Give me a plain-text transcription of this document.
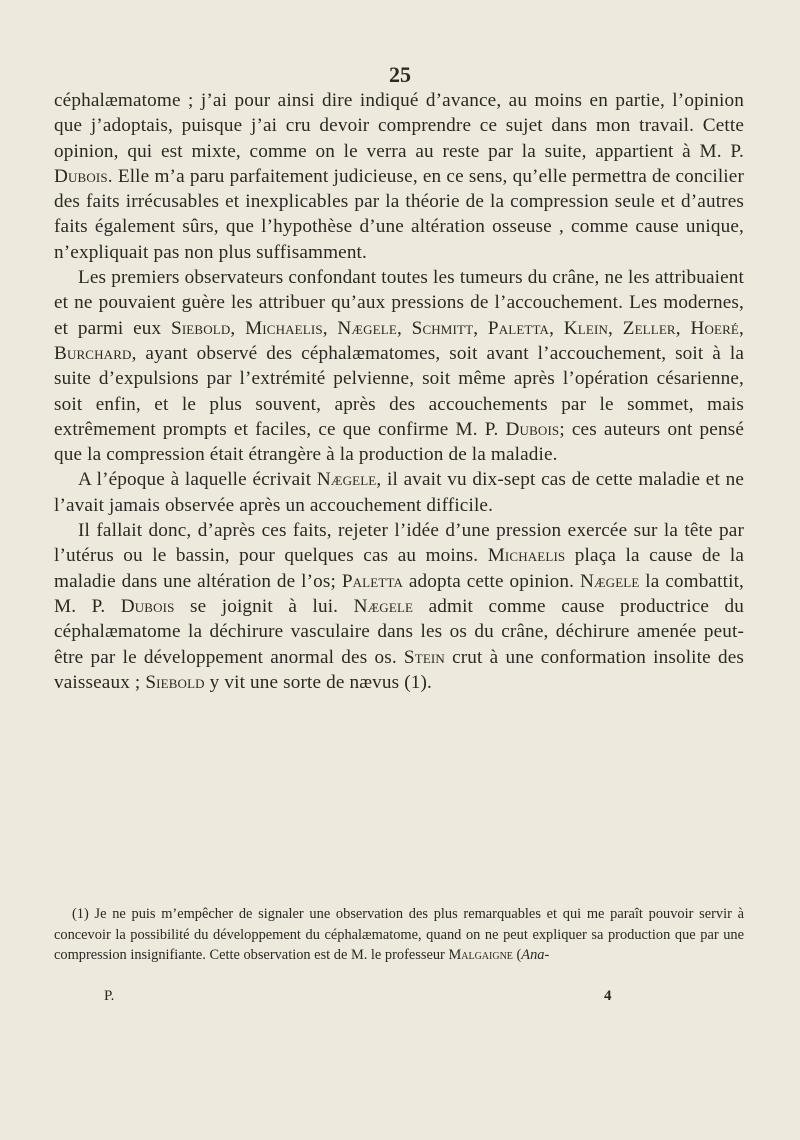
25

céphalæmatome ; j’ai pour ainsi dire indiqué d’avance, au moins en partie, l’opinion que j’adoptais, puisque j’ai cru devoir comprendre ce sujet dans mon travail. Cette opinion, qui est mixte, comme on le verra au reste par la suite, appartient à M. P. Dubois. Elle m’a paru parfaitement judicieuse, en ce sens, qu’elle permettra de concilier des faits irrécusables et inexplicables par la théorie de la compression seule et d’autres faits également sûrs, que l’hypothèse d’une altération osseuse , comme cause unique, n’expliquait pas non plus suffisamment.

Les premiers observateurs confondant toutes les tumeurs du crâne, ne les attribuaient et ne pouvaient guère les attribuer qu’aux pressions de l’accouchement. Les modernes, et parmi eux Siebold, Michaelis, Nægele, Schmitt, Paletta, Klein, Zeller, Hoeré, Burchard, ayant observé des céphalæmatomes, soit avant l’accouchement, soit à la suite d’expulsions par l’extrémité pelvienne, soit même après l’opération césarienne, soit enfin, et le plus souvent, après des accouchements par le sommet, mais extrêmement prompts et faciles, ce que confirme M. P. Dubois; ces auteurs ont pensé que la compression était étrangère à la production de la maladie.

A l’époque à laquelle écrivait Nægele, il avait vu dix-sept cas de cette maladie et ne l’avait jamais observée après un accouchement difficile.

Il fallait donc, d’après ces faits, rejeter l’idée d’une pression exercée sur la tête par l’utérus ou le bassin, pour quelques cas au moins. Michaelis plaça la cause de la maladie dans une altération de l’os; Paletta adopta cette opinion. Nægele la combattit, M. P. Dubois se joignit à lui. Nægele admit comme cause productrice du céphalæmatome la déchirure vasculaire dans les os du crâne, déchirure amenée peut-être par le développement anormal des os. Stein crut à une conformation insolite des vaisseaux ; Siebold y vit une sorte de nævus (1).

(1) Je ne puis m’empêcher de signaler une observation des plus remarquables et qui me paraît pouvoir servir à concevoir la possibilité du développement du céphalæmatome, quand on ne peut expliquer sa production que par une compression insignifiante. Cette observation est de M. le professeur Malgaigne (Ana-

P.	4
